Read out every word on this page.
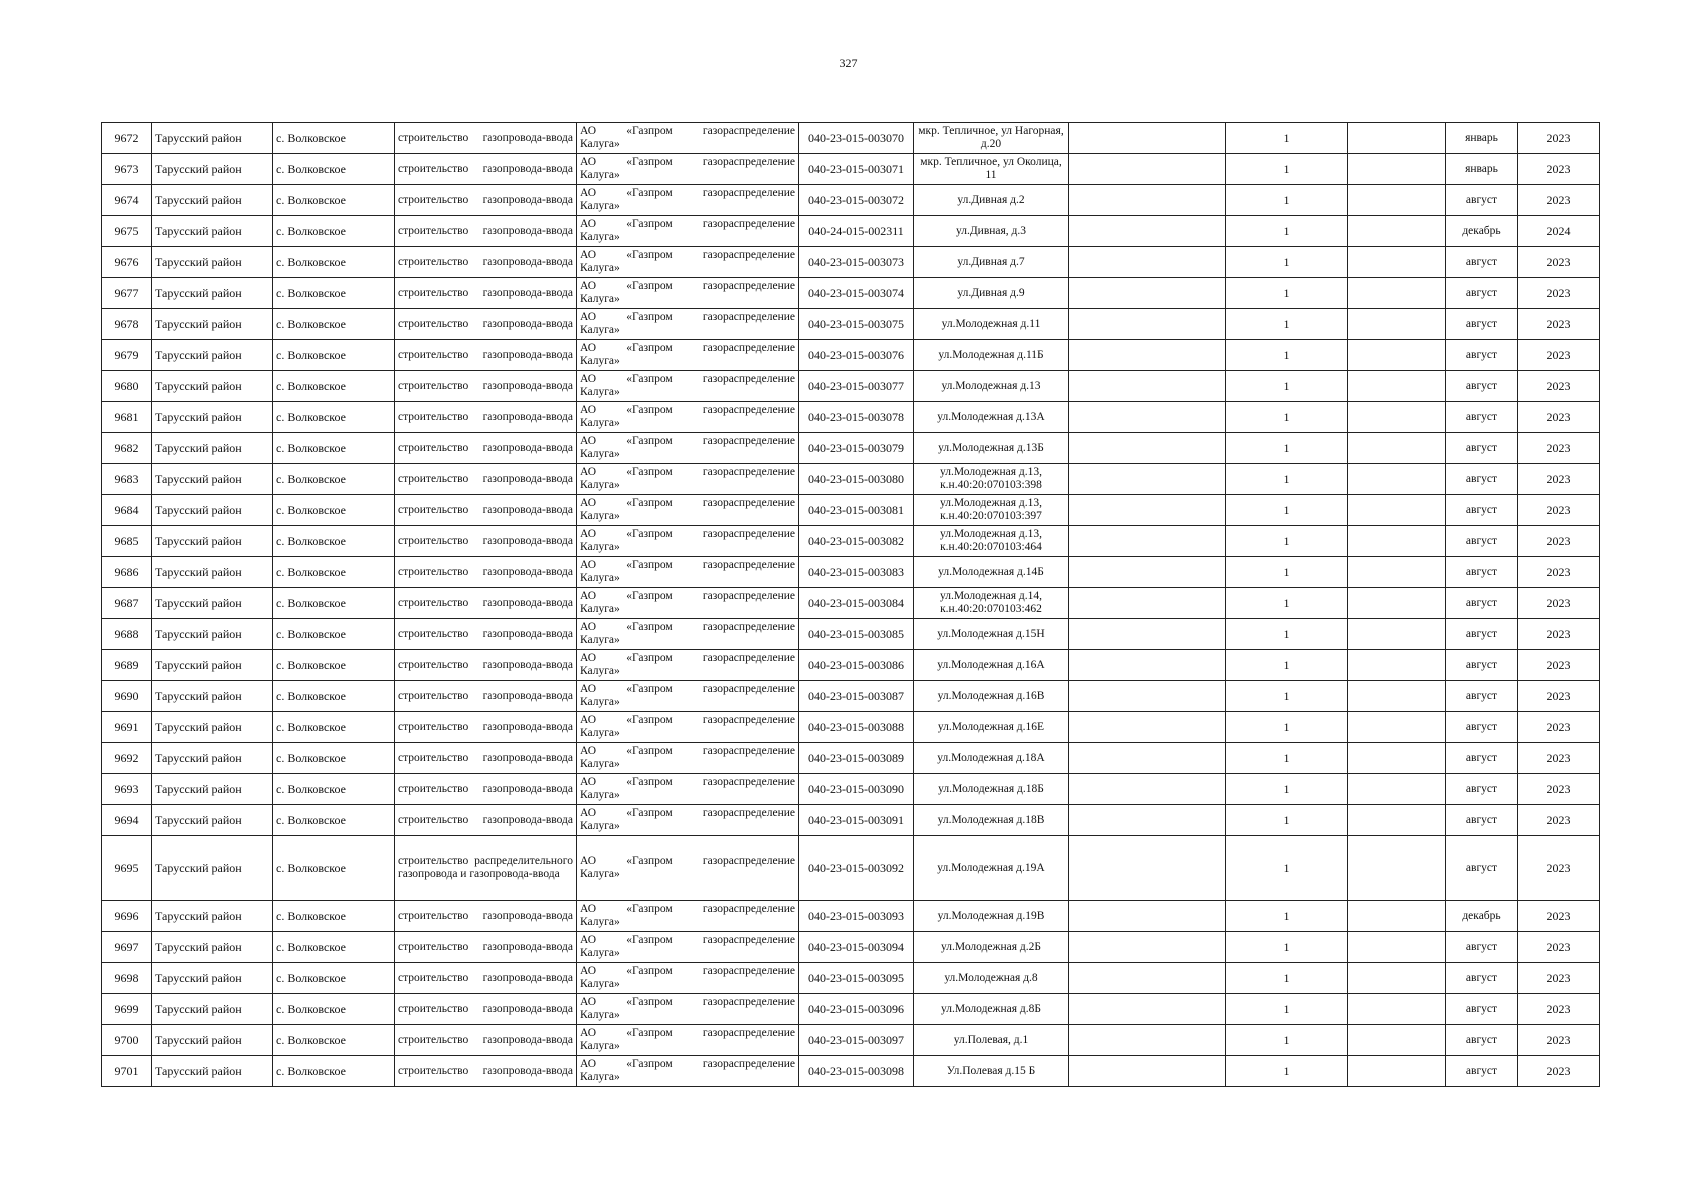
327
9672	Тарусский район	с. Волковское	строительство газопровода-ввода	АО «Газпром газораспределение
Калуга»	040-23-015-003070	мкр. Тепличное, ул Нагорная, д.20		1		январь	2023
9673	Тарусский район	с. Волковское	строительство газопровода-ввода	АО «Газпром газораспределение
Калуга»	040-23-015-003071	мкр. Тепличное, ул Околица, 11		1		январь	2023
9674	Тарусский район	с. Волковское	строительство газопровода-ввода	АО «Газпром газораспределение
Калуга»	040-23-015-003072	ул.Дивная д.2		1		август	2023
9675	Тарусский район	с. Волковское	строительство газопровода-ввода	АО «Газпром газораспределение
Калуга»	040-24-015-002311	ул.Дивная, д.3		1		декабрь	2024
9676	Тарусский район	с. Волковское	строительство газопровода-ввода	АО «Газпром газораспределение
Калуга»	040-23-015-003073	ул.Дивная д.7		1		август	2023
9677	Тарусский район	с. Волковское	строительство газопровода-ввода	АО «Газпром газораспределение
Калуга»	040-23-015-003074	ул.Дивная д.9		1		август	2023
9678	Тарусский район	с. Волковское	строительство газопровода-ввода	АО «Газпром газораспределение
Калуга»	040-23-015-003075	ул.Молодежная д.11		1		август	2023
9679	Тарусский район	с. Волковское	строительство газопровода-ввода	АО «Газпром газораспределение
Калуга»	040-23-015-003076	ул.Молодежная д.11Б		1		август	2023
9680	Тарусский район	с. Волковское	строительство газопровода-ввода	АО «Газпром газораспределение
Калуга»	040-23-015-003077	ул.Молодежная д.13		1		август	2023
9681	Тарусский район	с. Волковское	строительство газопровода-ввода	АО «Газпром газораспределение
Калуга»	040-23-015-003078	ул.Молодежная д.13А		1		август	2023
9682	Тарусский район	с. Волковское	строительство газопровода-ввода	АО «Газпром газораспределение
Калуга»	040-23-015-003079	ул.Молодежная д.13Б		1		август	2023
9683	Тарусский район	с. Волковское	строительство газопровода-ввода	АО «Газпром газораспределение
Калуга»	040-23-015-003080	ул.Молодежная д.13, к.н.40:20:070103:398		1		август	2023
9684	Тарусский район	с. Волковское	строительство газопровода-ввода	АО «Газпром газораспределение
Калуга»	040-23-015-003081	ул.Молодежная д.13, к.н.40:20:070103:397		1		август	2023
9685	Тарусский район	с. Волковское	строительство газопровода-ввода	АО «Газпром газораспределение
Калуга»	040-23-015-003082	ул.Молодежная д.13, к.н.40:20:070103:464		1		август	2023
9686	Тарусский район	с. Волковское	строительство газопровода-ввода	АО «Газпром газораспределение
Калуга»	040-23-015-003083	ул.Молодежная д.14Б		1		август	2023
9687	Тарусский район	с. Волковское	строительство газопровода-ввода	АО «Газпром газораспределение
Калуга»	040-23-015-003084	ул.Молодежная д.14, к.н.40:20:070103:462		1		август	2023
9688	Тарусский район	с. Волковское	строительство газопровода-ввода	АО «Газпром газораспределение
Калуга»	040-23-015-003085	ул.Молодежная д.15Н		1		август	2023
9689	Тарусский район	с. Волковское	строительство газопровода-ввода	АО «Газпром газораспределение
Калуга»	040-23-015-003086	ул.Молодежная д.16А		1		август	2023
9690	Тарусский район	с. Волковское	строительство газопровода-ввода	АО «Газпром газораспределение
Калуга»	040-23-015-003087	ул.Молодежная д.16В		1		август	2023
9691	Тарусский район	с. Волковское	строительство газопровода-ввода	АО «Газпром газораспределение
Калуга»	040-23-015-003088	ул.Молодежная д.16Е		1		август	2023
9692	Тарусский район	с. Волковское	строительство газопровода-ввода	АО «Газпром газораспределение
Калуга»	040-23-015-003089	ул.Молодежная д.18А		1		август	2023
9693	Тарусский район	с. Волковское	строительство газопровода-ввода	АО «Газпром газораспределение
Калуга»	040-23-015-003090	ул.Молодежная д.18Б		1		август	2023
9694	Тарусский район	с. Волковское	строительство газопровода-ввода	АО «Газпром газораспределение
Калуга»	040-23-015-003091	ул.Молодежная д.18В		1		август	2023
9695	Тарусский район	с. Волковское	строительство распределительного газопровода и газопровода-ввода	АО «Газпром газораспределение
Калуга»	040-23-015-003092	ул.Молодежная д.19А		1		август	2023
9696	Тарусский район	с. Волковское	строительство газопровода-ввода	АО «Газпром газораспределение
Калуга»	040-23-015-003093	ул.Молодежная д.19В		1		декабрь	2023
9697	Тарусский район	с. Волковское	строительство газопровода-ввода	АО «Газпром газораспределение
Калуга»	040-23-015-003094	ул.Молодежная д.2Б		1		август	2023
9698	Тарусский район	с. Волковское	строительство газопровода-ввода	АО «Газпром газораспределение
Калуга»	040-23-015-003095	ул.Молодежная д.8		1		август	2023
9699	Тарусский район	с. Волковское	строительство газопровода-ввода	АО «Газпром газораспределение
Калуга»	040-23-015-003096	ул.Молодежная д.8Б		1		август	2023
9700	Тарусский район	с. Волковское	строительство газопровода-ввода	АО «Газпром газораспределение
Калуга»	040-23-015-003097	ул.Полевая, д.1		1		август	2023
9701	Тарусский район	с. Волковское	строительство газопровода-ввода	АО «Газпром газораспределение
Калуга»	040-23-015-003098	Ул.Полевая д.15 Б		1		август	2023
